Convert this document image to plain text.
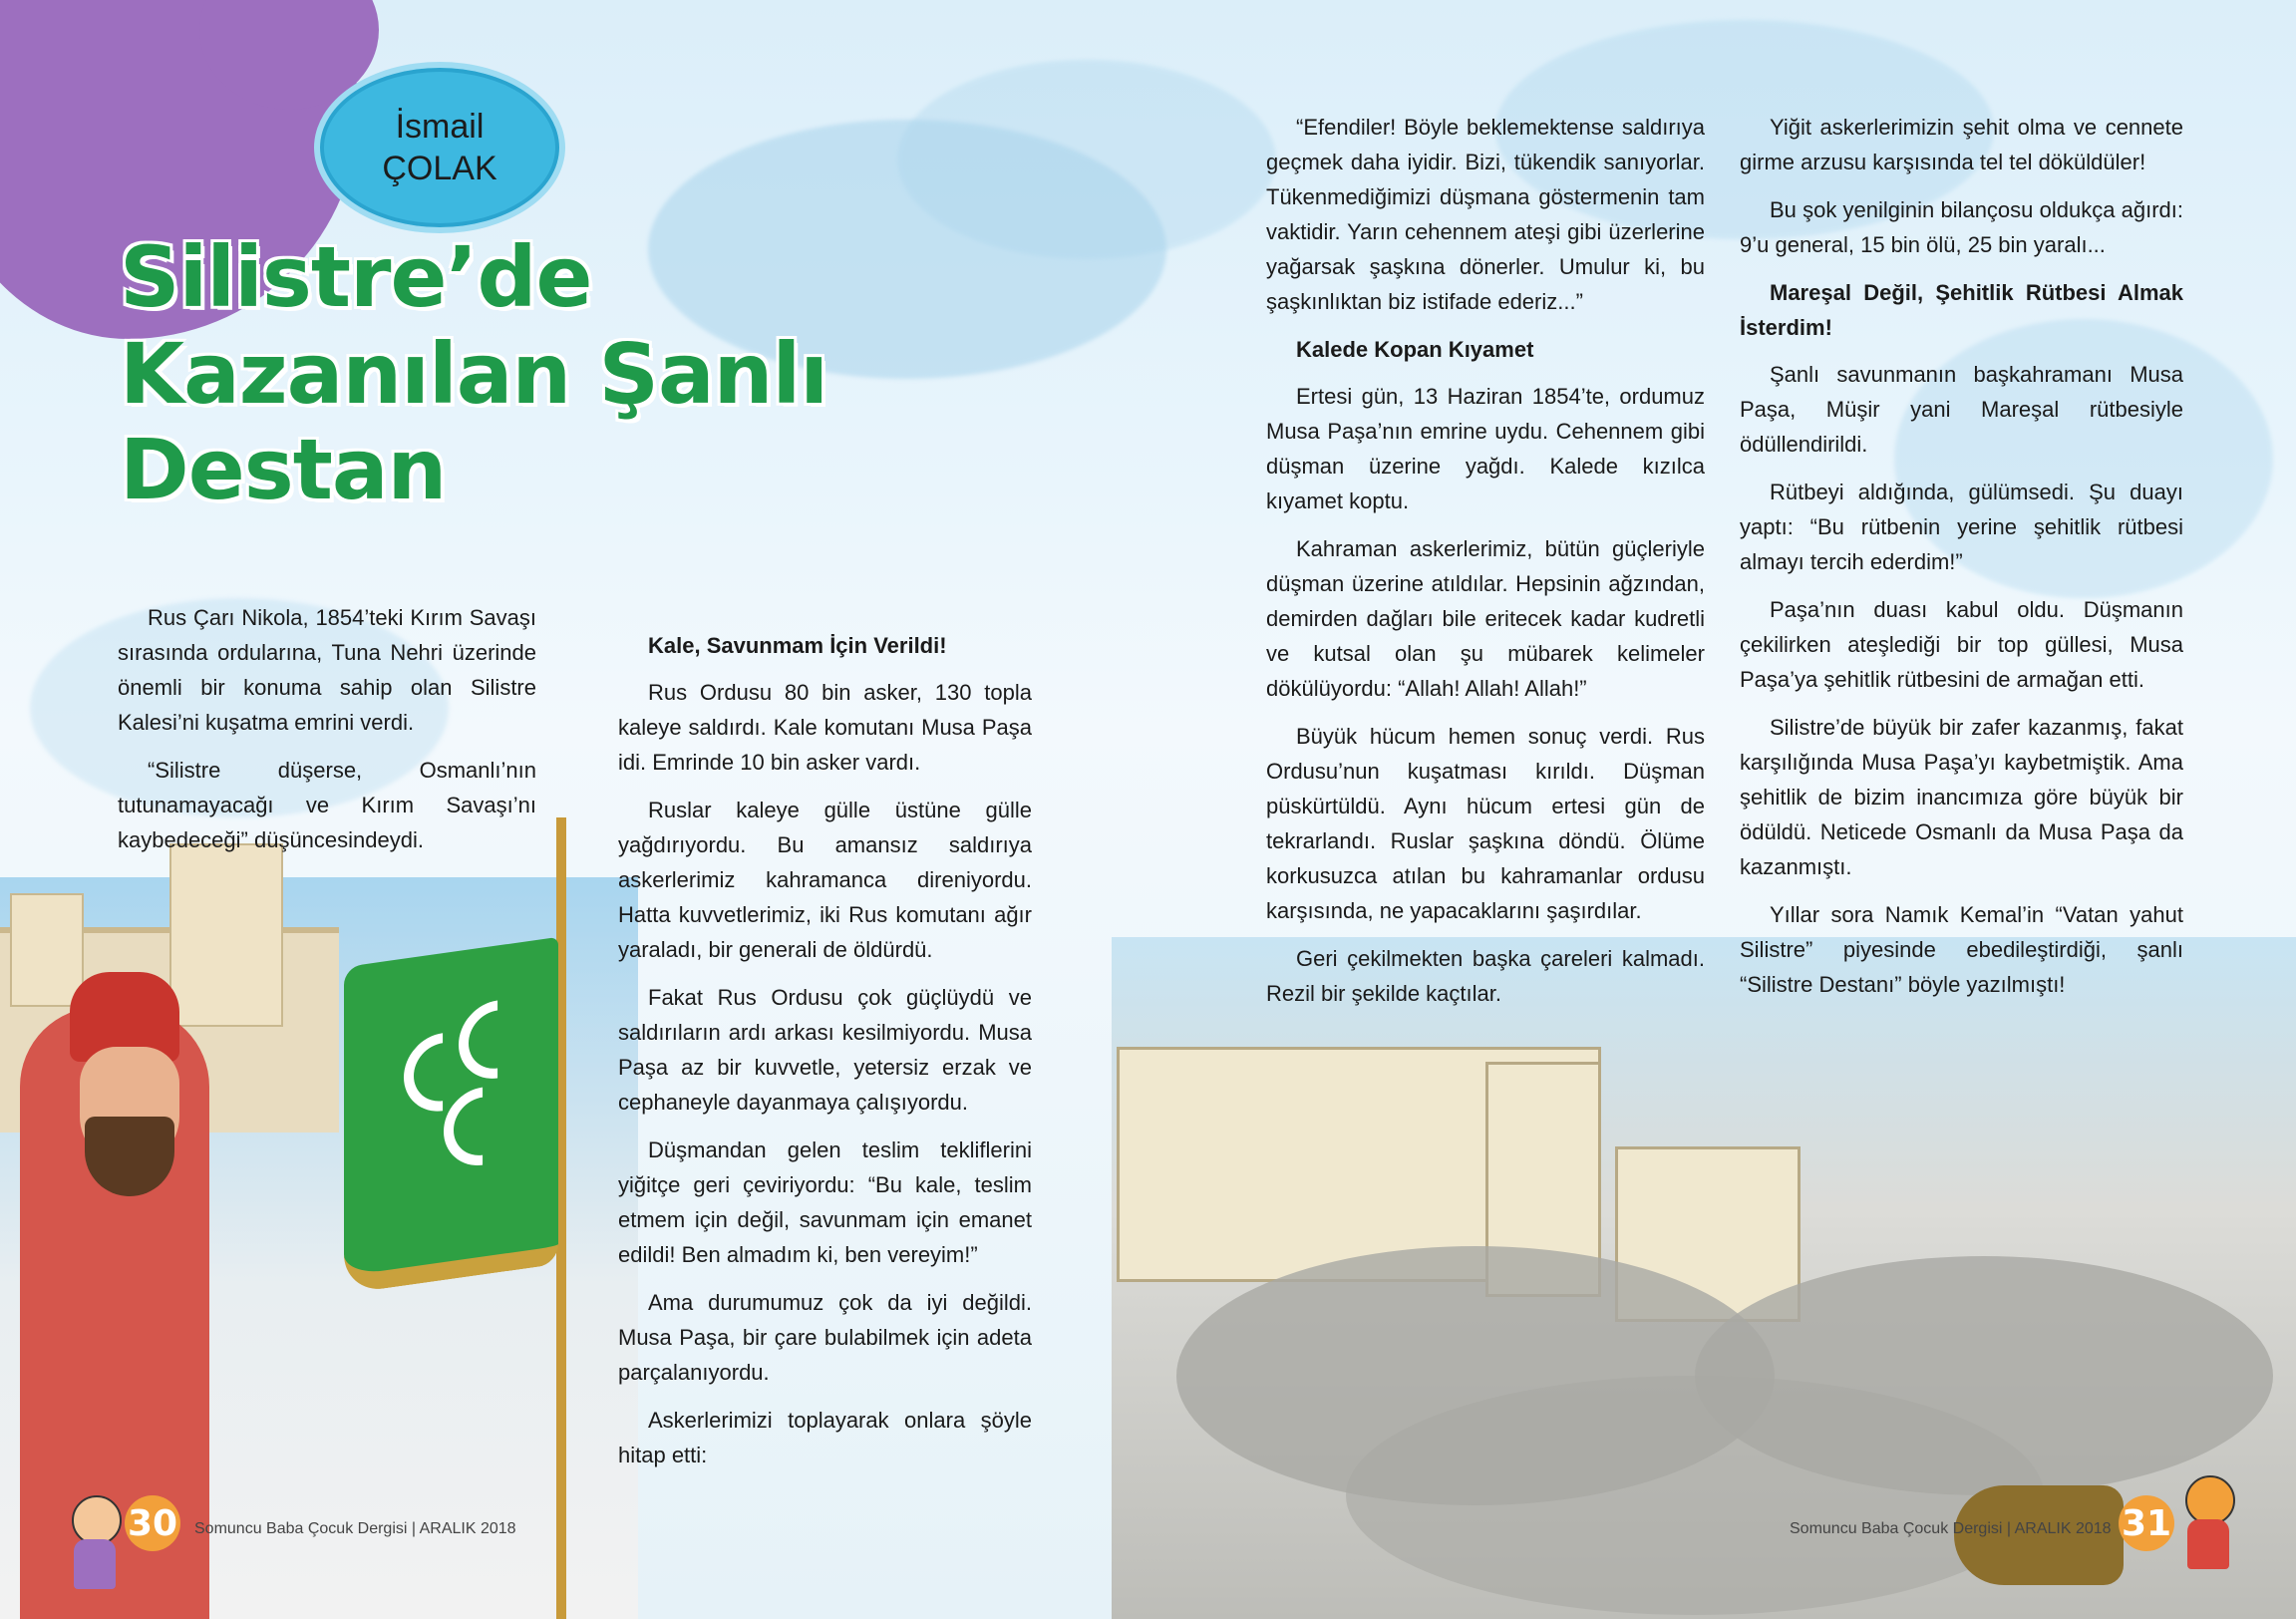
İsmail
ÇOLAK
Silistre’de
Kazanılan Şanlı
Destan

Rus Çarı Nikola, 1854’teki Kırım Savaşı sırasında ordularına, Tuna Nehri üzerinde önemli bir konuma sahip olan Silistre Kalesi’ni kuşatma emrini verdi.

“Silistre düşerse, Osmanlı’nın tutunamayacağı ve Kırım Savaşı’nı kaybedeceği” düşüncesindeydi.

Kale, Savunmam İçin Verildi!

Rus Ordusu 80 bin asker, 130 topla kaleye saldırdı. Kale komutanı Musa Paşa idi. Emrinde 10 bin asker vardı.

Ruslar kaleye gülle üstüne gülle yağdırıyordu. Bu amansız saldırıya askerlerimiz kahramanca direniyordu. Hatta kuvvetlerimiz, iki Rus komutanı ağır yaraladı, bir generali de öldürdü.

Fakat Rus Ordusu çok güçlüydü ve saldırıların ardı arkası kesilmiyordu. Musa Paşa az bir kuvvetle, yetersiz erzak ve cephaneyle dayanmaya çalışıyordu.

Düşmandan gelen teslim tekliflerini yiğitçe geri çeviriyordu: “Bu kale, teslim etmem için değil, savunmam için emanet edildi! Ben almadım ki, ben vereyim!”

Ama durumumuz çok da iyi değildi. Musa Paşa, bir çare bulabilmek için adeta parçalanıyordu.

Askerlerimizi toplayarak onlara şöyle hitap etti:

“Efendiler! Böyle beklemektense saldırıya geçmek daha iyidir. Bizi, tükendik sanıyorlar. Tükenmediğimizi düşmana göstermenin tam vaktidir. Yarın cehennem ateşi gibi üzerlerine yağarsak şaşkına dönerler. Umulur ki, bu şaşkınlıktan biz istifade ederiz...”

Kalede Kopan Kıyamet

Ertesi gün, 13 Haziran 1854’te, ordumuz Musa Paşa’nın emrine uydu. Cehennem gibi düşman üzerine yağdı. Kalede kızılca kıyamet koptu.

Kahraman askerlerimiz, bütün güçleriyle düşman üzerine atıldılar. Hepsinin ağzından, demirden dağları bile eritecek kadar kudretli ve kutsal olan şu mübarek kelimeler dökülüyordu: “Allah! Allah! Allah!”

Büyük hücum hemen sonuç verdi. Rus Ordusu’nun kuşatması kırıldı. Düşman püskürtüldü. Aynı hücum ertesi gün de tekrarlandı. Ruslar şaşkına döndü. Ölüme korkusuzca atılan bu kahramanlar ordusu karşısında, ne yapacaklarını şaşırdılar.

Geri çekilmekten başka çareleri kalmadı. Rezil bir şekilde kaçtılar.

Yiğit askerlerimizin şehit olma ve cennete girme arzusu karşısında tel tel döküldüler!

Bu şok yenilginin bilançosu oldukça ağırdı: 9’u general, 15 bin ölü, 25 bin yaralı...

Mareşal Değil, Şehitlik Rütbesi Almak İsterdim!

Şanlı savunmanın başkahramanı Musa Paşa, Müşir yani Mareşal rütbesiyle ödüllendirildi.

Rütbeyi aldığında, gülümsedi. Şu duayı yaptı: “Bu rütbenin yerine şehitlik rütbesi almayı tercih ederdim!”

Paşa’nın duası kabul oldu. Düşmanın çekilirken ateşlediği bir top güllesi, Musa Paşa’ya şehitlik rütbesini de armağan etti.

Silistre’de büyük bir zafer kazanmış, fakat karşılığında Musa Paşa’yı kaybetmiştik. Ama şehitlik de bizim inancımıza göre büyük bir ödüldü. Neticede Osmanlı da Musa Paşa da kazanmıştı.

Yıllar sora Namık Kemal’in “Vatan yahut Silistre” piyesinde ebedileştirdiği, şanlı “Silistre Destanı” böyle yazılmıştı!

30 Somuncu Baba Çocuk Dergisi | ARALIK 2018	Somuncu Baba Çocuk Dergisi | ARALIK 2018 31
